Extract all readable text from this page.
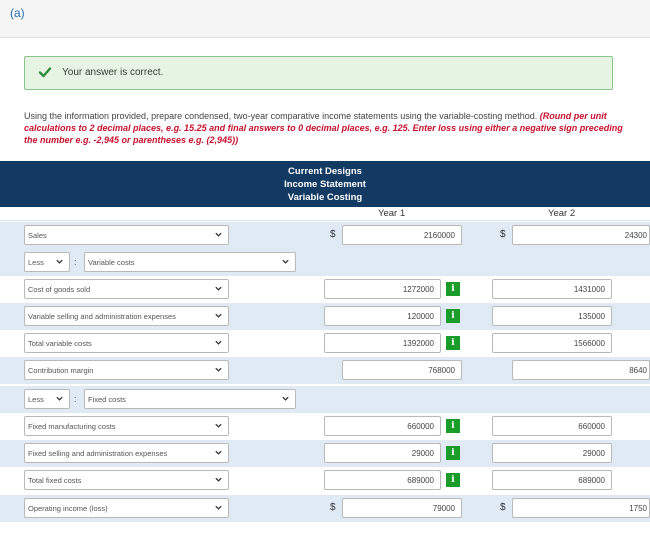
(a)
Your answer is correct.
Using the information provided, prepare condensed, two-year comparative income statements using the variable-costing method. (Round per unit calculations to 2 decimal places, e.g. 15.25 and final answers to 0 decimal places, e.g. 125. Enter loss using either a negative sign preceding the number e.g. -2,945 or parentheses e.g. (2,945))
Current Designs
Income Statement
Variable Costing
Year 1	Year 2
Sales	$	2160000	$	24300
Less	:	Variable costs
Cost of goods sold	1272000	i	1431000
Variable selling and administration expenses	120000	i	135000
Total variable costs	1392000	i	1566000
Contribution margin	768000	8640
Less	:	Fixed costs
Fixed manufacturing costs	660000	i	660000
Fixed selling and administration expenses	29000	i	29000
Total fixed costs	689000	i	689000
Operating income (loss)	$	79000	$	1750
